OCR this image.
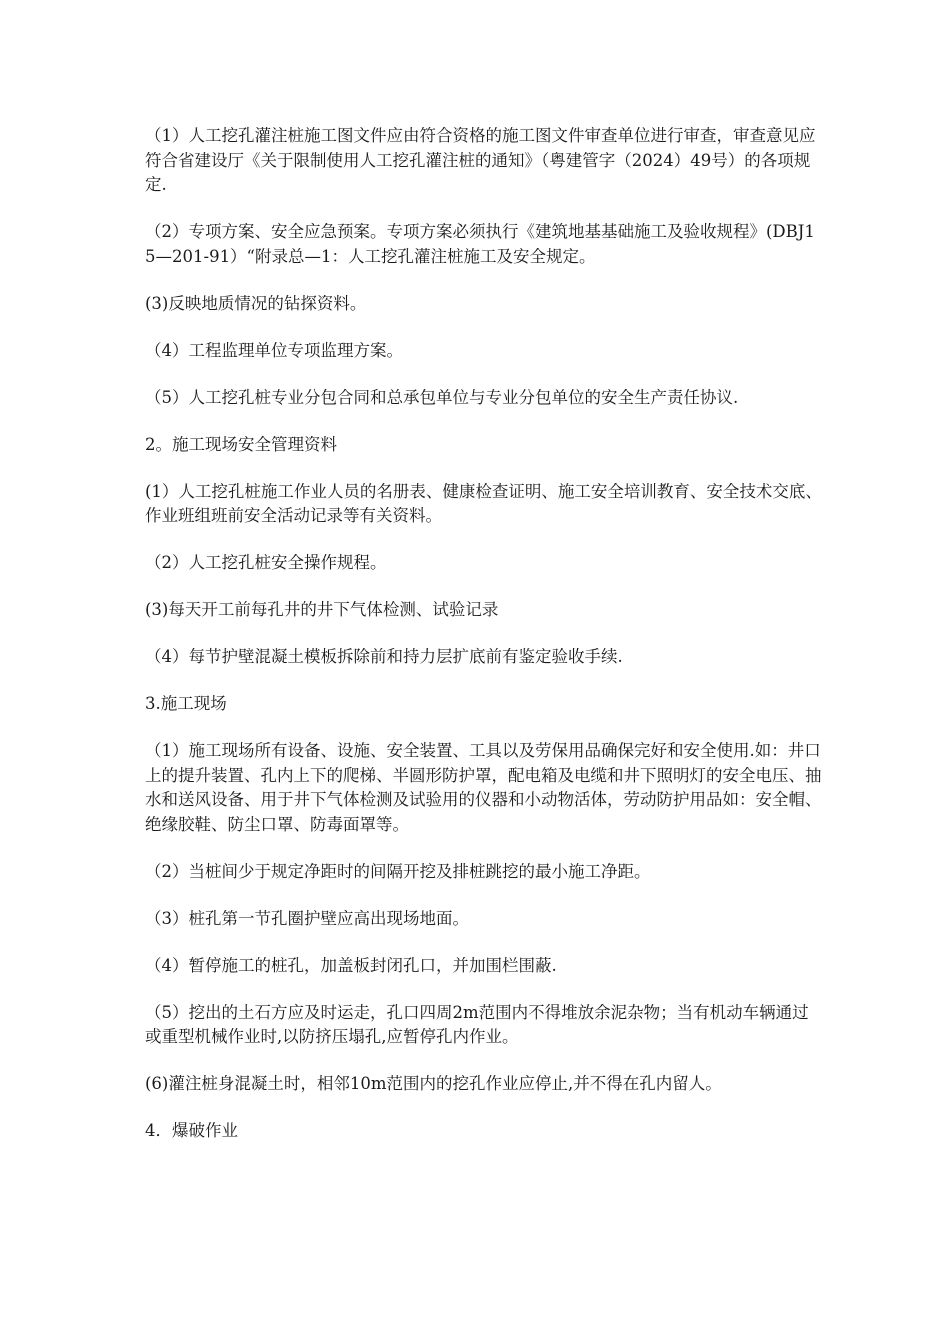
（1）人工挖孔灌注桩施工图文件应由符合资格的施工图文件审查单位进行审查，审查意见应符合省建设厅《关于限制使用人工挖孔灌注桩的通知》（粤建管字（2024）49号）的各项规定.

（2）专项方案、安全应急预案。专项方案必须执行《建筑地基基础施工及验收规程》(DBJ15—201-91）“附录总—1：人工挖孔灌注桩施工及安全规定。

(3)反映地质情况的钻探资料。

（4）工程监理单位专项监理方案。

（5）人工挖孔桩专业分包合同和总承包单位与专业分包单位的安全生产责任协议.

2。施工现场安全管理资料

(1）人工挖孔桩施工作业人员的名册表、健康检查证明、施工安全培训教育、安全技术交底、作业班组班前安全活动记录等有关资料。

（2）人工挖孔桩安全操作规程。

(3)每天开工前每孔井的井下气体检测、试验记录

（4）每节护壁混凝土模板拆除前和持力层扩底前有鉴定验收手续.

3.施工现场

（1）施工现场所有设备、设施、安全装置、工具以及劳保用品确保完好和安全使用.如：井口上的提升装置、孔内上下的爬梯、半圆形防护罩，配电箱及电缆和井下照明灯的安全电压、抽水和送风设备、用于井下气体检测及试验用的仪器和小动物活体，劳动防护用品如：安全帽、绝缘胶鞋、防尘口罩、防毒面罩等。

（2）当桩间少于规定净距时的间隔开挖及排桩跳挖的最小施工净距。

（3）桩孔第一节孔圈护壁应高出现场地面。

（4）暂停施工的桩孔，加盖板封闭孔口，并加围栏围蔽.

（5）挖出的土石方应及时运走，孔口四周2m范围内不得堆放余泥杂物；当有机动车辆通过或重型机械作业时,以防挤压塌孔,应暂停孔内作业。

(6)灌注桩身混凝土时，相邻10m范围内的挖孔作业应停止,并不得在孔内留人。

4．爆破作业
